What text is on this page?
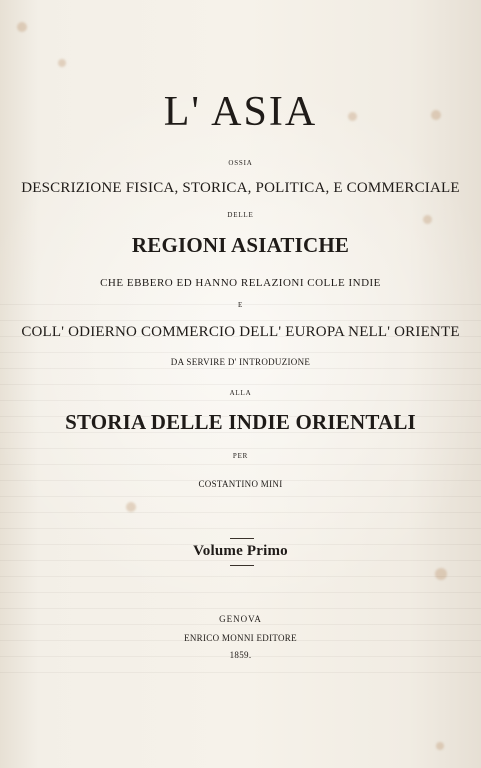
L' ASIA

OSSIA

DESCRIZIONE FISICA, STORICA, POLITICA, E COMMERCIALE

DELLE

REGIONI ASIATICHE

CHE EBBERO ED HANNO RELAZIONI COLLE INDIE

E

COLL' ODIERNO COMMERCIO DELL' EUROPA NELL' ORIENTE

DA SERVIRE D' INTRODUZIONE

ALLA

STORIA DELLE INDIE ORIENTALI

PER

COSTANTINO MINI

Volume Primo

GENOVA

ENRICO MONNI EDITORE

1859.
